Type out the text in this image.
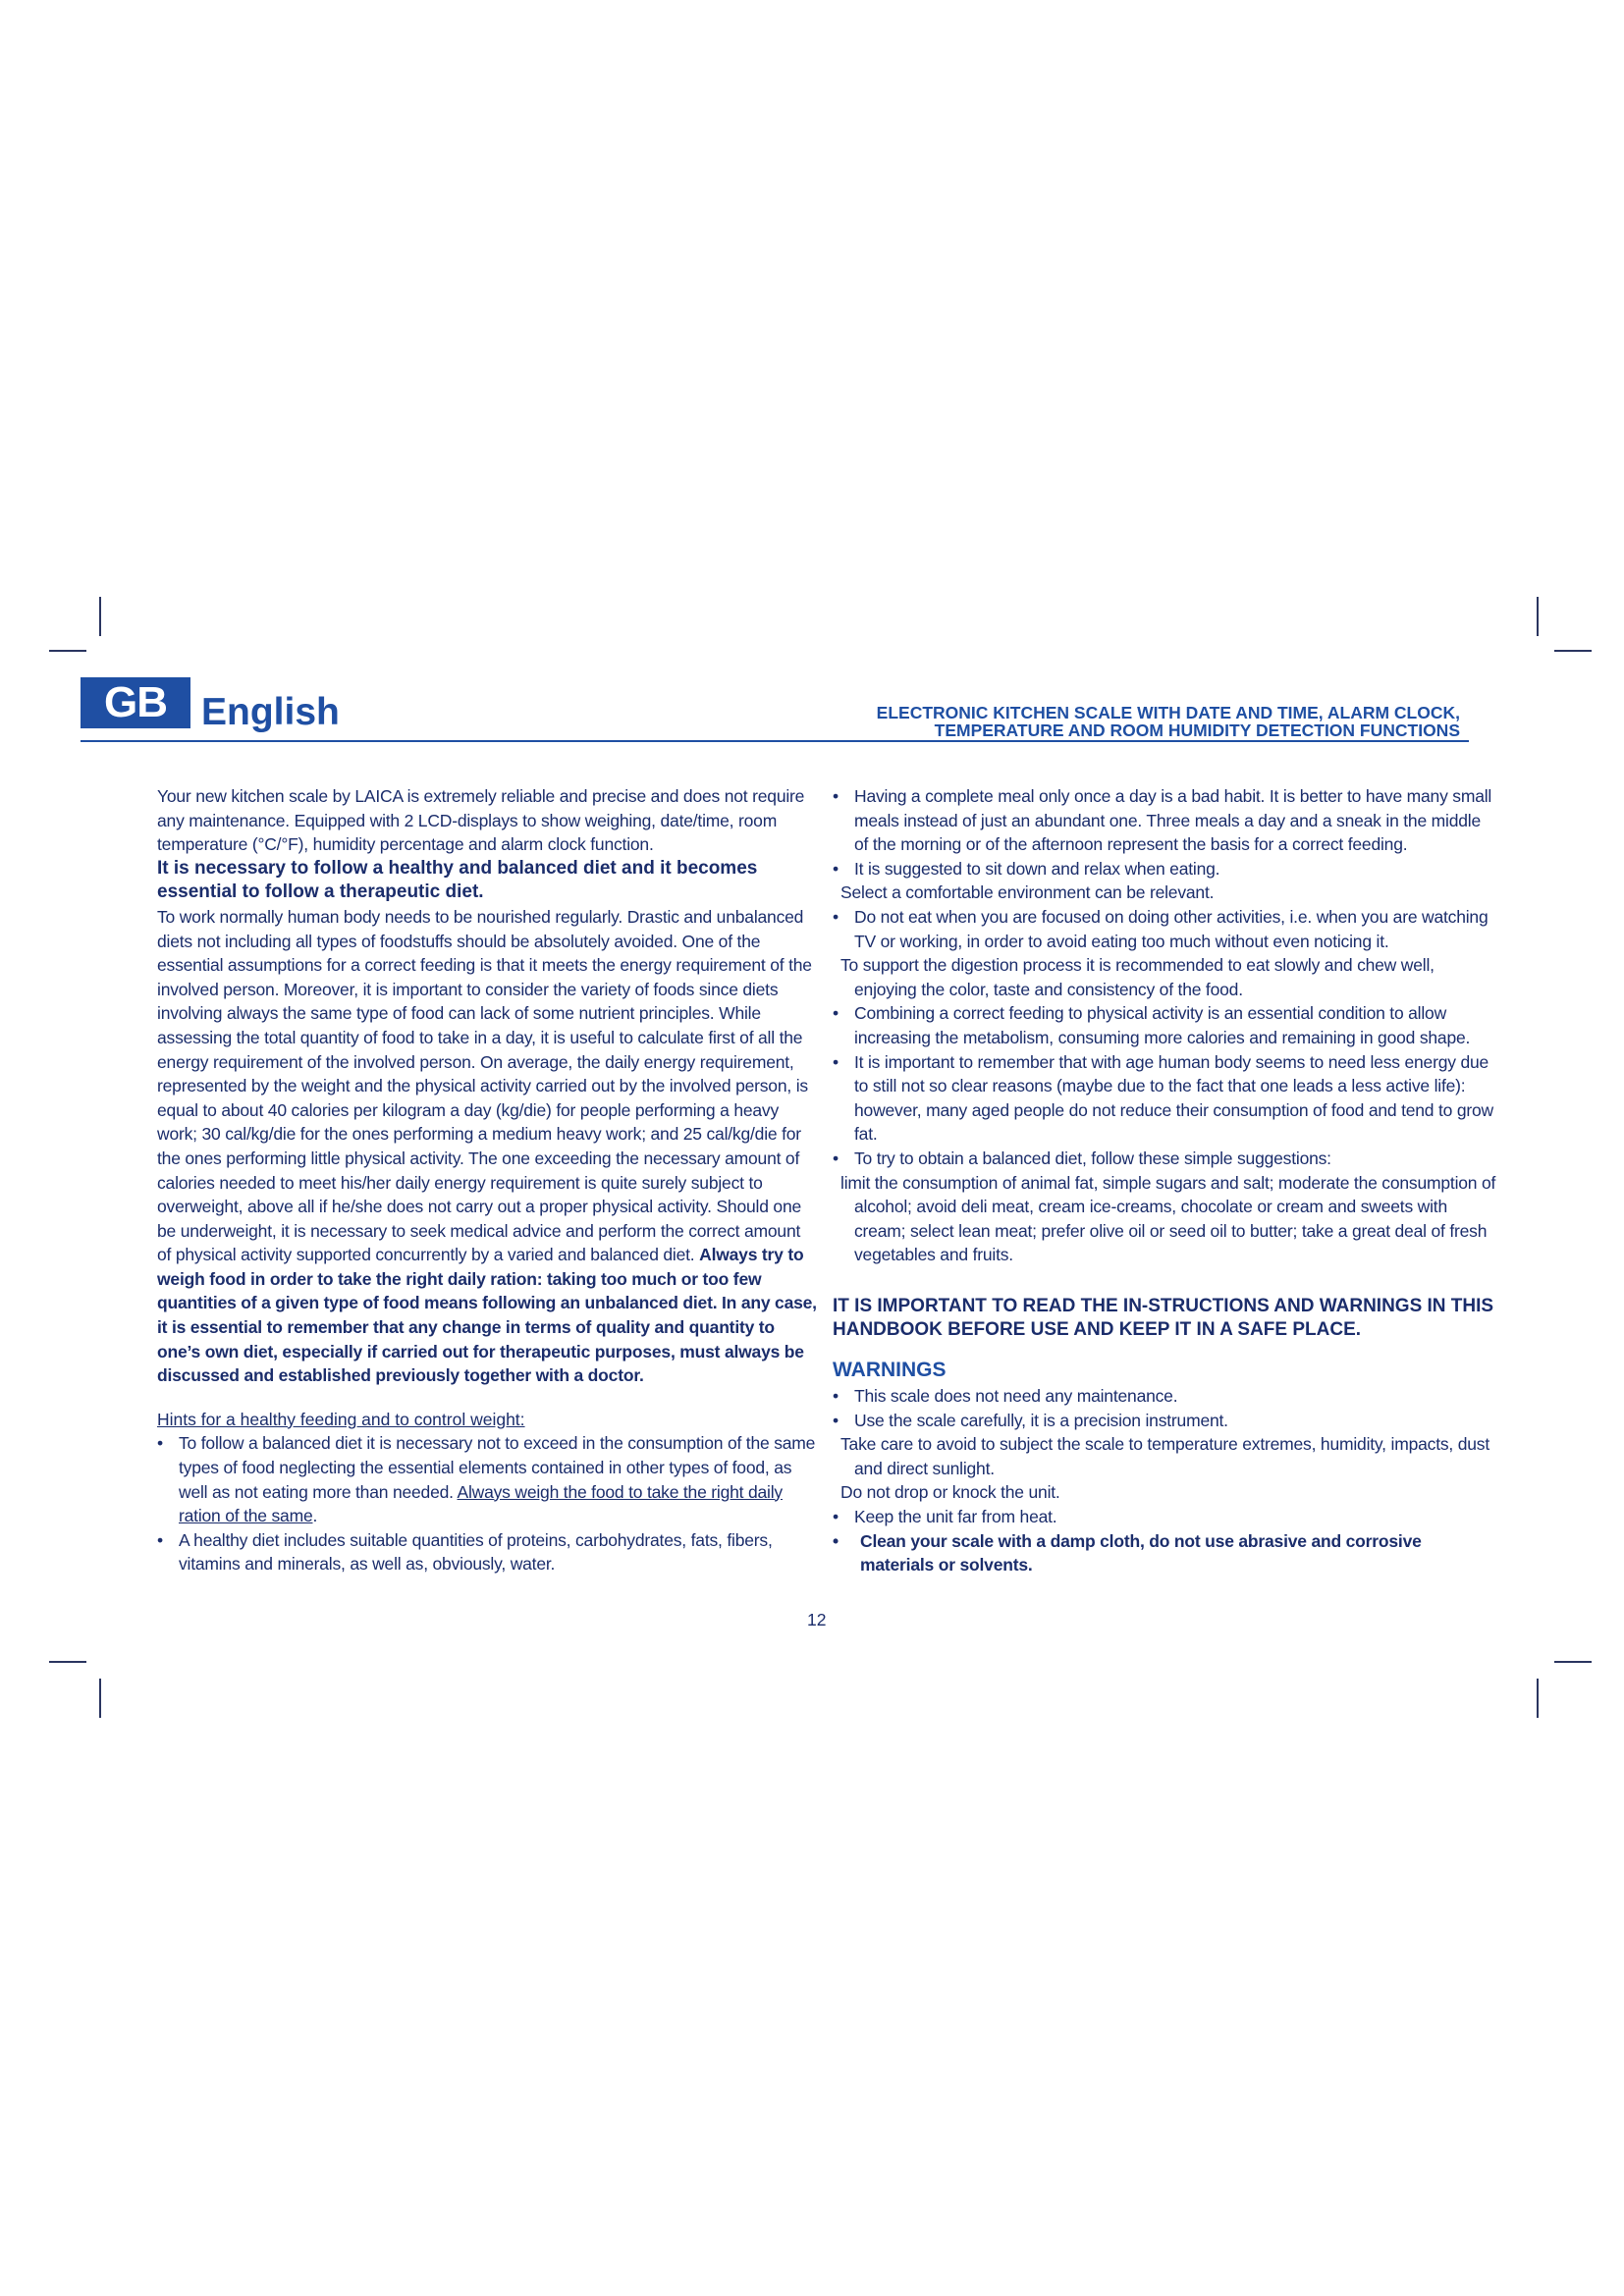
GB English	ELECTRONIC KITCHEN SCALE WITH DATE AND TIME, ALARM CLOCK,
TEMPERATURE AND ROOM HUMIDITY DETECTION FUNCTIONS

Your new kitchen scale by LAICA is extremely reliable and precise and does not require any maintenance. Equipped with 2 LCD-displays to show weighing, date/time, room temperature (°C/°F), humidity percentage and alarm clock function.

It is necessary to follow a healthy and balanced diet and it becomes essential to follow a therapeutic diet.

To work normally human body needs to be nourished regularly. Drastic and unbalanced diets not including all types of foodstuffs should be absolutely avoided. One of the essential assumptions for a correct feeding is that it meets the energy requirement of the involved person. Moreover, it is important to consider the variety of foods since diets involving always the same type of food can lack of some nutrient principles. While assessing the total quantity of food to take in a day, it is useful to calculate first of all the energy requirement of the involved person. On average, the daily energy requirement, represented by the weight and the physical activity carried out by the involved person, is equal to about 40 calories per kilogram a day (kg/die) for people performing a heavy work; 30 cal/kg/die for the ones performing a medium heavy work; and 25 cal/kg/die for the ones performing little physical activity. The one exceeding the necessary amount of calories needed to meet his/her daily energy requirement is quite surely subject to overweight, above all if he/she does not carry out a proper physical activity. Should one be underweight, it is necessary to seek medical advice and perform the correct amount of physical activity supported concurrently by a varied and balanced diet. Always try to weigh food in order to take the right daily ration: taking too much or too few quantities of a given type of food means following an unbalanced diet. In any case, it is essential to remember that any change in terms of quality and quantity to one’s own diet, especially if carried out for therapeutic purposes, must always be discussed and established previously together with a doctor.

Hints for a healthy feeding and to control weight:

• To follow a balanced diet it is necessary not to exceed in the consumption of the same types of food neglecting the essential elements contained in other types of food, as well as not eating more than needed. Always weigh the food to take the right daily ration of the same.

• A healthy diet includes suitable quantities of proteins, carbohydrates, fats, fibers, vitamins and minerals, as well as, obviously, water.

• Having a complete meal only once a day is a bad habit. It is better to have many small meals instead of just an abundant one. Three meals a day and a sneak in the middle of the morning or of the afternoon represent the basis for a correct feeding.

• It is suggested to sit down and relax when eating.

Select a comfortable environment can be relevant.

• Do not eat when you are focused on doing other activities, i.e. when you are watching TV or working, in order to avoid eating too much without even noticing it.

To support the digestion process it is recommended to eat slowly and chew well, enjoying the color, taste and consistency of the food.

• Combining a correct feeding to physical activity is an essential condition to allow increasing the metabolism, consuming more calories and remaining in good shape.

• It is important to remember that with age human body seems to need less energy due to still not so clear reasons (maybe due to the fact that one leads a less active life): however, many aged people do not reduce their consumption of food and tend to grow fat.

• To try to obtain a balanced diet, follow these simple suggestions:

limit the consumption of animal fat, simple sugars and salt; moderate the consumption of alcohol; avoid deli meat, cream ice-creams, chocolate or cream and sweets with cream; select lean meat; prefer olive oil or seed oil to butter; take a great deal of fresh vegetables and fruits.

IT IS IMPORTANT TO READ THE IN-STRUCTIONS AND WARNINGS IN THIS HANDBOOK BEFORE USE AND KEEP IT IN A SAFE PLACE.

WARNINGS

• This scale does not need any maintenance.

• Use the scale carefully, it is a precision instrument.

Take care to avoid to subject the scale to temperature extremes, humidity, impacts, dust and direct sunlight.

Do not drop or knock the unit.

• Keep the unit far from heat.

• Clean your scale with a damp cloth, do not use abrasive and corrosive materials or solvents.

12
